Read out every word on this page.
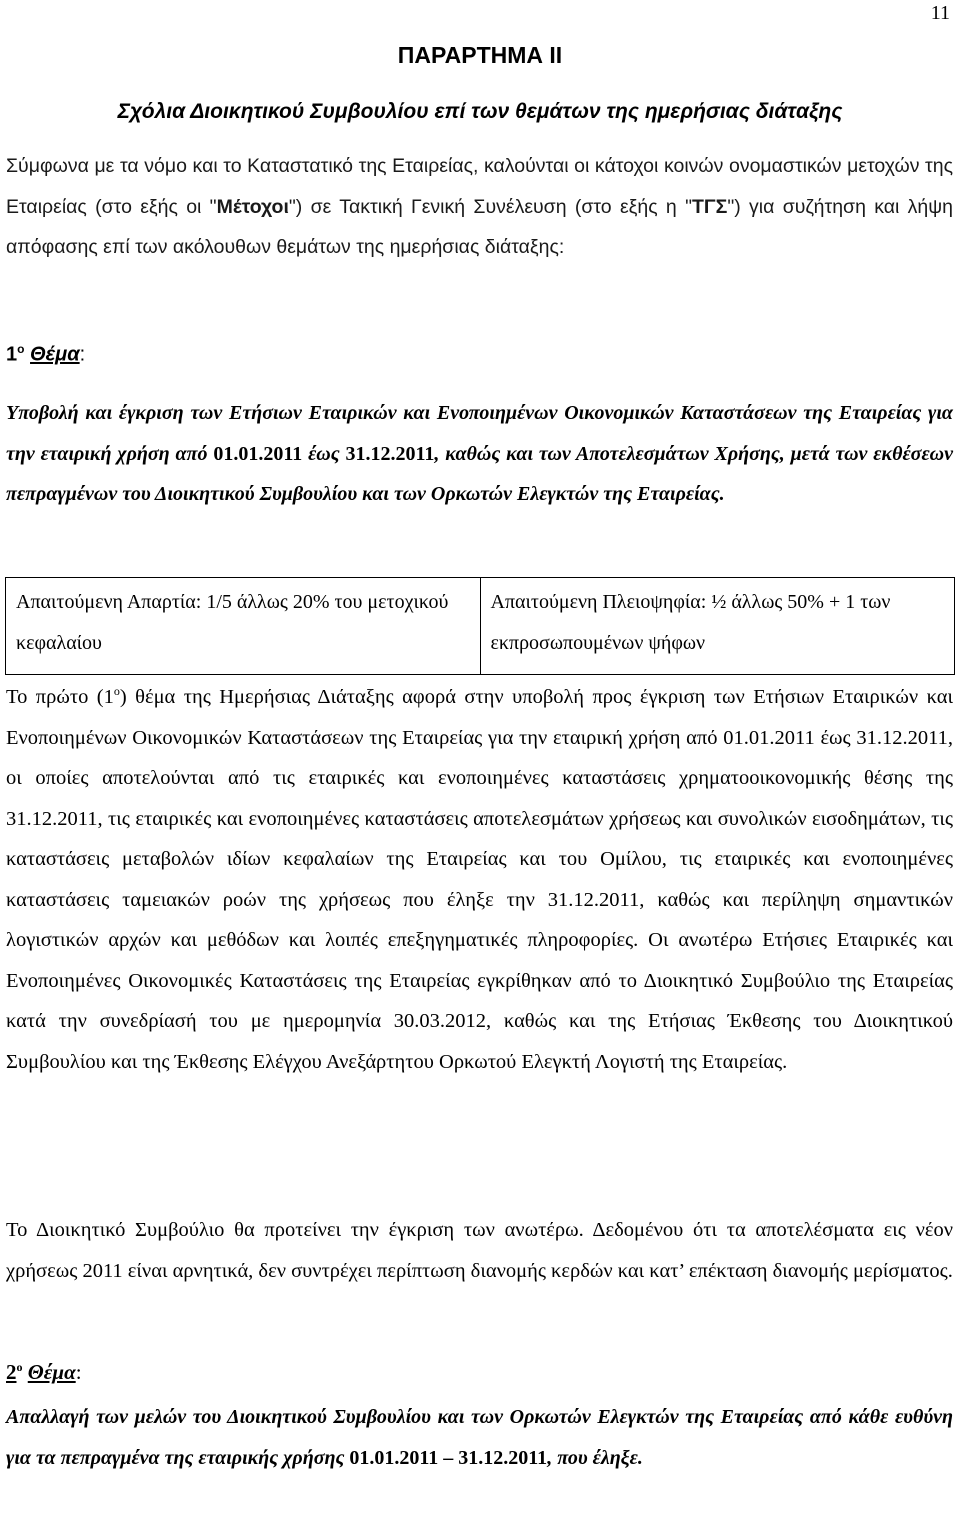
11
ΠΑΡΑΡΤΗΜΑ ΙΙ
Σχόλια Διοικητικού Συμβουλίου επί των θεμάτων της ημερήσιας διάταξης
Σύμφωνα με τα νόμο και το Καταστατικό της Εταιρείας, καλούνται οι κάτοχοι κοινών ονομαστικών μετοχών της Εταιρείας (στο εξής οι "Μέτοχοι") σε Τακτική Γενική Συνέλευση (στο εξής η "ΤΓΣ") για συζήτηση και λήψη απόφασης επί των ακόλουθων θεμάτων της ημερήσιας διάταξης:
$1^o$ Θέμα:
Υποβολή και έγκριση των Ετήσιων Εταιρικών και Ενοποιημένων Οικονομικών Καταστάσεων της Εταιρείας για την εταιρική χρήση από 01.01.2011 έως 31.12.2011, καθώς και των Αποτελεσμάτων Χρήσης, μετά των εκθέσεων πεπραγμένων του Διοικητικού Συμβουλίου και των Ορκωτών Ελεγκτών της Εταιρείας.
Απαιτούμενη Απαρτία: 1/5 άλλως 20% του μετοχικού κεφαλαίου	Απαιτούμενη Πλειοψηφία: ½ άλλως 50% + 1 των εκπροσωπουμένων ψήφων
Το πρώτο $(1^o)$ θέμα της Ημερήσιας Διάταξης αφορά στην υποβολή προς έγκριση των Ετήσιων Εταιρικών και Ενοποιημένων Οικονομικών Καταστάσεων της Εταιρείας για την εταιρική χρήση από 01.01.2011 έως 31.12.2011, οι οποίες αποτελούνται από τις εταιρικές και ενοποιημένες καταστάσεις χρηματοοικονομικής θέσης της 31.12.2011, τις εταιρικές και ενοποιημένες καταστάσεις αποτελεσμάτων χρήσεως και συνολικών εισοδημάτων, τις καταστάσεις μεταβολών ιδίων κεφαλαίων της Εταιρείας και του Ομίλου, τις εταιρικές και ενοποιημένες καταστάσεις ταμειακών ροών της χρήσεως που έληξε την 31.12.2011, καθώς και περίληψη σημαντικών λογιστικών αρχών και μεθόδων και λοιπές επεξηγηματικές πληροφορίες. Οι ανωτέρω Ετήσιες Εταιρικές και Ενοποιημένες Οικονομικές Καταστάσεις της Εταιρείας εγκρίθηκαν από το Διοικητικό Συμβούλιο της Εταιρείας κατά την συνεδρίασή του με ημερομηνία 30.03.2012, καθώς και της Ετήσιας Έκθεσης του Διοικητικού Συμβουλίου και της Έκθεσης Ελέγχου Ανεξάρτητου Ορκωτού Ελεγκτή Λογιστή της Εταιρείας.
Το Διοικητικό Συμβούλιο θα προτείνει την έγκριση των ανωτέρω. Δεδομένου ότι τα αποτελέσματα εις νέον χρήσεως 2011 είναι αρνητικά, δεν συντρέχει περίπτωση διανομής κερδών και κατ’ επέκταση διανομής μερίσματος.
$2^o$ Θέμα:
Απαλλαγή των μελών του Διοικητικού Συμβουλίου και των Ορκωτών Ελεγκτών της Εταιρείας από κάθε ευθύνη για τα πεπραγμένα της εταιρικής χρήσης 01.01.2011 – 31.12.2011, που έληξε.
